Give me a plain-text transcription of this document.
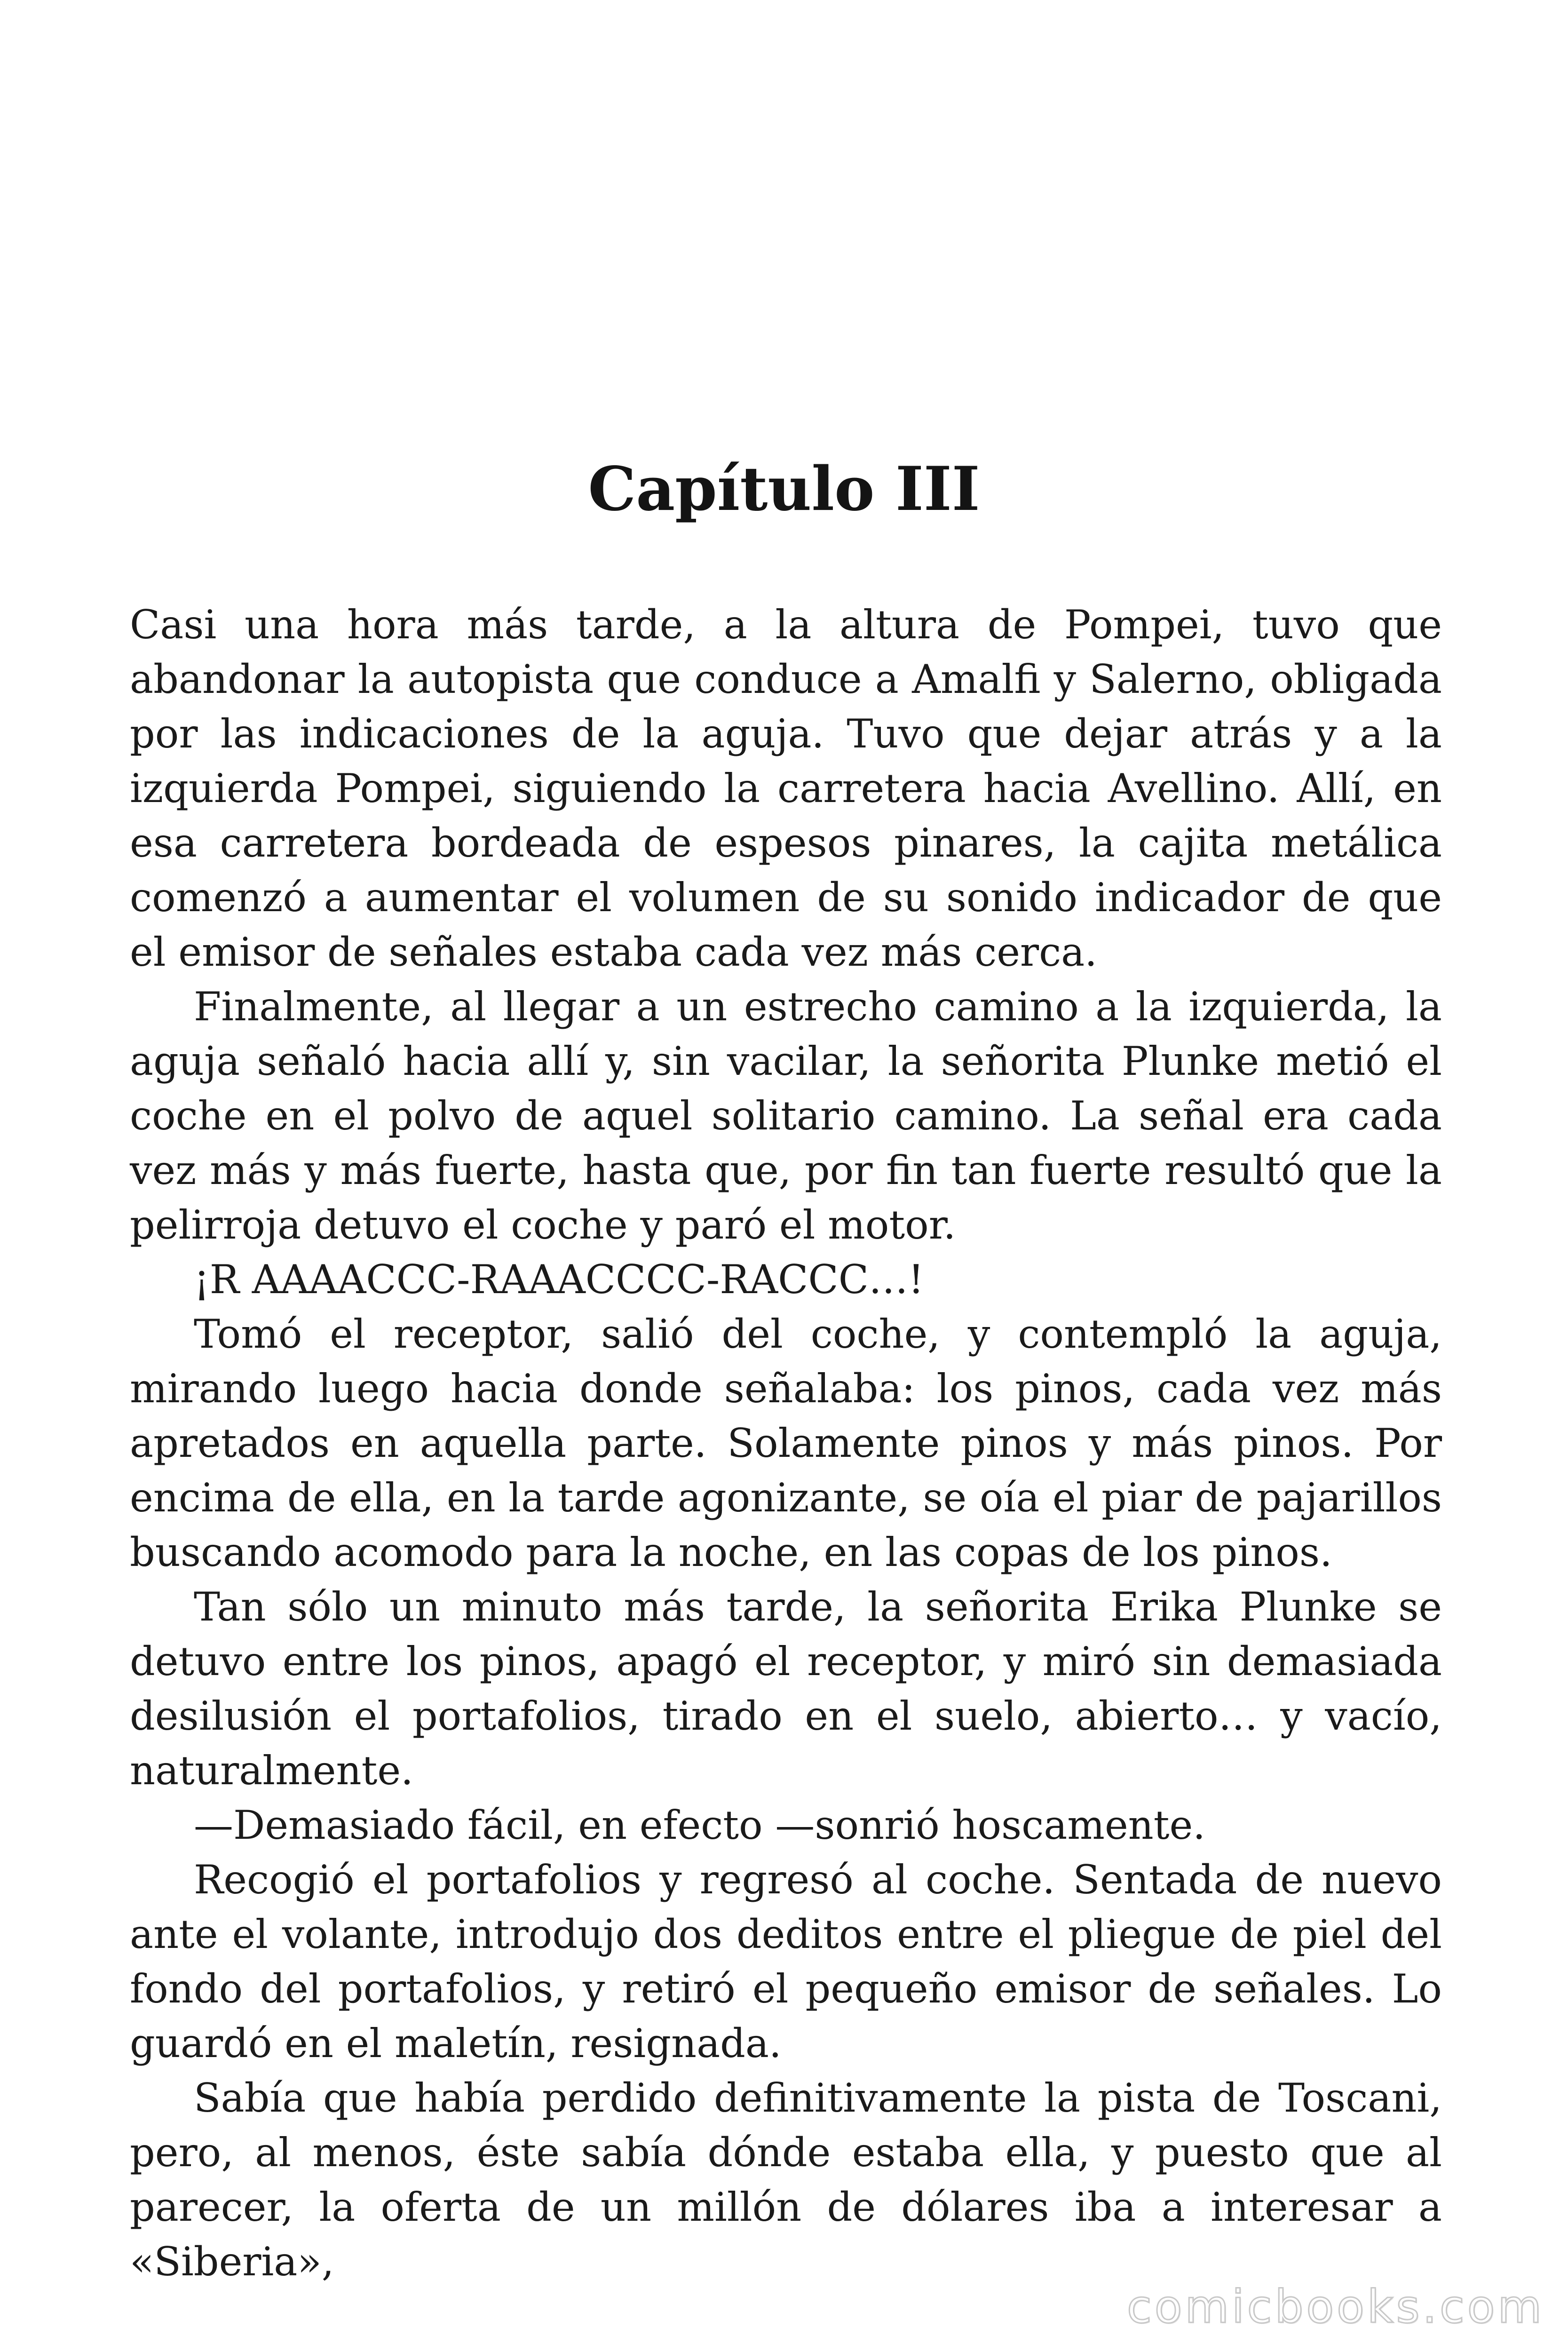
Capítulo III

Casi una hora más tarde, a la altura de Pompei, tuvo que abandonar la autopista que conduce a Amalfi y Salerno, obligada por las indicaciones de la aguja. Tuvo que dejar atrás y a la izquierda Pompei, siguiendo la carretera hacia Avellino. Allí, en esa carretera bordeada de espesos pinares, la cajita metálica comenzó a aumentar el volumen de su sonido indicador de que el emisor de señales estaba cada vez más cerca.

Finalmente, al llegar a un estrecho camino a la izquierda, la aguja señaló hacia allí y, sin vacilar, la señorita Plunke metió el coche en el polvo de aquel solitario camino. La señal era cada vez más y más fuerte, hasta que, por fin tan fuerte resultó que la pelirroja detuvo el coche y paró el motor.

¡R AAAACCC-RAAACCCC-RACCC…!

Tomó el receptor, salió del coche, y contempló la aguja, mirando luego hacia donde señalaba: los pinos, cada vez más apretados en aquella parte. Solamente pinos y más pinos. Por encima de ella, en la tarde agonizante, se oía el piar de pajarillos buscando acomodo para la noche, en las copas de los pinos.

Tan sólo un minuto más tarde, la señorita Erika Plunke se detuvo entre los pinos, apagó el receptor, y miró sin demasiada desilusión el portafolios, tirado en el suelo, abierto… y vacío, naturalmente.

—Demasiado fácil, en efecto —sonrió hoscamente.

Recogió el portafolios y regresó al coche. Sentada de nuevo ante el volante, introdujo dos deditos entre el pliegue de piel del fondo del portafolios, y retiró el pequeño emisor de señales. Lo guardó en el maletín, resignada.

Sabía que había perdido definitivamente la pista de Toscani, pero, al menos, éste sabía dónde estaba ella, y puesto que al parecer, la oferta de un millón de dólares iba a interesar a «Siberia»,

comicbooks.com
